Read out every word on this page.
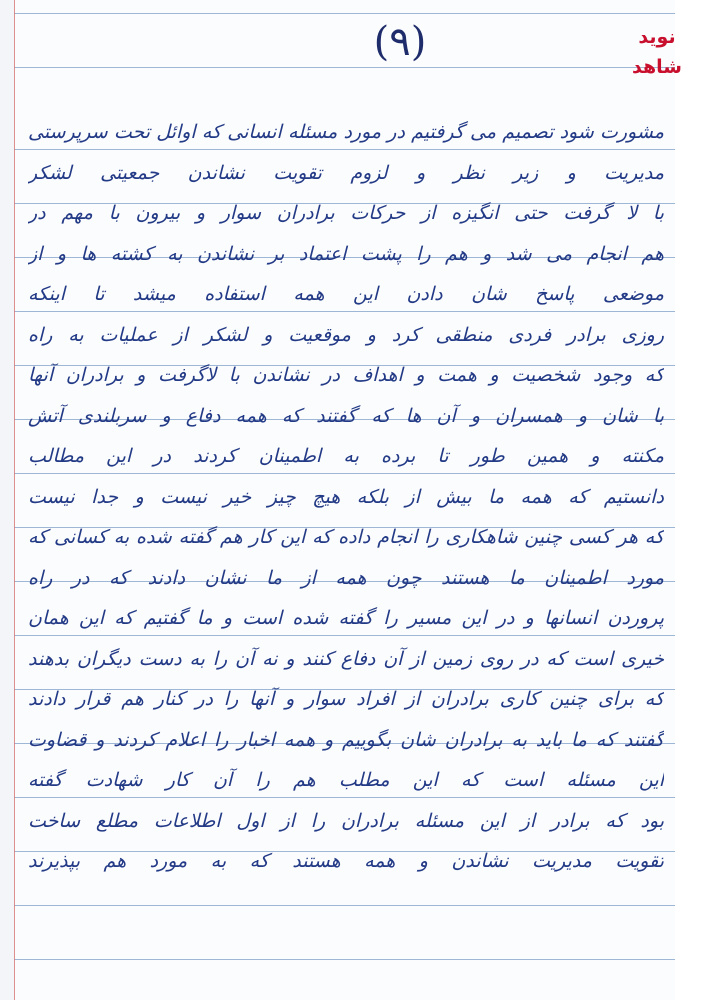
(۹)	نوید شاهد
مشورت شود تصمیم می گرفتیم در مورد مسئله انسانی که اوائل تحت سرپرستی
مدیریت و زیر نظر و لزوم تقویت نشاندن جمعیتی لشکر
با لا گرفت حتی انگیزه از حرکات برادران سوار و بیرون با مهم در
هم انجام می شد و هم را پشت اعتماد بر نشاندن به کشته ها و از
موضعی پاسخ شان دادن این همه استفاده میشد تا اینکه
روزی برادر فردی منطقی کرد و موقعیت و لشکر از عملیات به راه
که وجود شخصیت و همت و اهداف در نشاندن با لاگرفت و برادران آنها
با شان و همسران و آن ها که گفتند که همه دفاع و سربلندی آتش
مکنته و همین طور تا برده به اطمینان کردند در این مطالب
دانستیم که همه ما بیش از بلکه هیچ چیز خیر نیست و جدا نیست
که هر کسی چنین شاهکاری را انجام داده که این کار هم گفته شده به کسانی که
مورد اطمینان ما هستند چون همه از ما نشان دادند که در راه
پروردن انسانها و در این مسیر را گفته شده است و ما گفتیم که این همان
خیری است که در روی زمین از آن دفاع کنند و نه آن را به دست دیگران بدهند
که برای چنین کاری برادران از افراد سوار و آنها را در کنار هم قرار دادند
گفتند که ما باید به برادران شان بگوییم و همه اخبار را اعلام کردند و قضاوت
این مسئله است که این مطلب هم را آن کار شهادت گفته
بود که برادر از این مسئله برادران را از اول اطلاعات مطلع ساخت
تقویت مدیریت نشاندن و همه هستند که به مورد هم بپذیرند
